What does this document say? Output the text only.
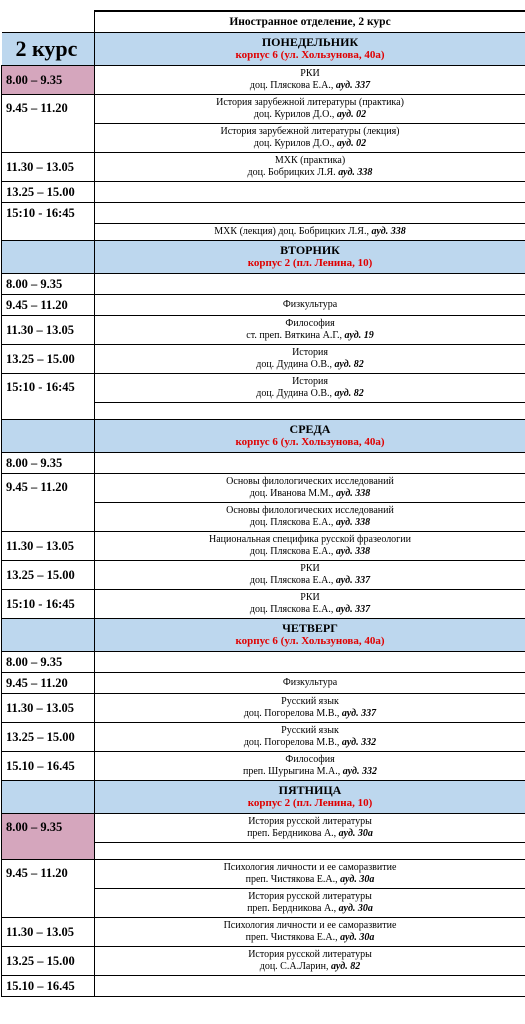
	Иностранное отделение, 2 курс
2 курс	ПОНЕДЕЛЬНИК
корпус 6 (ул. Хользунова, 40а)

8.00 – 9.35	РКИ
доц. Плясковa Е.А., ауд. 337

9.45 – 11.20	История зарубежной литературы (практика)
доц. Курилов Д.О., ауд. 02

	История зарубежной литературы (лекция)
доц. Курилов Д.О., ауд. 02

11.30 – 13.05	МХК (практика)
доц. Бобрицких Л.Я. ауд. 338

13.25 – 15.00	
15:10 - 16:45	
	МХК (лекция) доц. Бобрицких Л.Я., ауд. 338

	ВТОРНИК
корпус 2 (пл. Ленина, 10)

8.00 – 9.35	
9.45 – 11.20	Физкультура
11.30 – 13.05	Философия
ст. преп. Вяткина А.Г., ауд. 19

13.25 – 15.00	История
доц. Дудина О.В., ауд. 82

15:10 - 16:45	История
доц. Дудина О.В., ауд. 82

	СРЕДА
корпус 6 (ул. Хользунова, 40а)

8.00 – 9.35	
9.45 – 11.20	Основы филологических исследований
доц. Иванова М.М., ауд. 338

	Основы филологических исследований
доц. Плясковa Е.А., ауд. 338

11.30 – 13.05	Национальная специфика русской фразеологии
доц. Плясковa Е.А., ауд. 338

13.25 – 15.00	РКИ
доц. Плясковa Е.А., ауд. 337

15:10 - 16:45	РКИ
доц. Плясковa Е.А., ауд. 337

	ЧЕТВЕРГ
корпус 6 (ул. Хользунова, 40а)

8.00 – 9.35	
9.45 – 11.20	Физкультура
11.30 – 13.05	Русский язык
доц. Погорелова М.В., ауд. 337

13.25 – 15.00	Русский язык
доц. Погорелова М.В., ауд. 332

15.10 – 16.45	Философия
преп. Шурыгина М.А., ауд. 332

	ПЯТНИЦА
корпус 2 (пл. Ленина, 10)

8.00 – 9.35	История русской литературы
преп. Бердникова А., ауд. 30а

9.45 – 11.20	Психология личности и ее саморазвитие
преп. Чистякова Е.А., ауд. 30а

	История русской литературы
преп. Бердникова А., ауд. 30а

11.30 – 13.05	Психология личности и ее саморазвитие
преп. Чистякова Е.А., ауд. 30а

13.25 – 15.00	История русской литературы
доц. С.А.Ларин, ауд. 82

15.10 – 16.45	
